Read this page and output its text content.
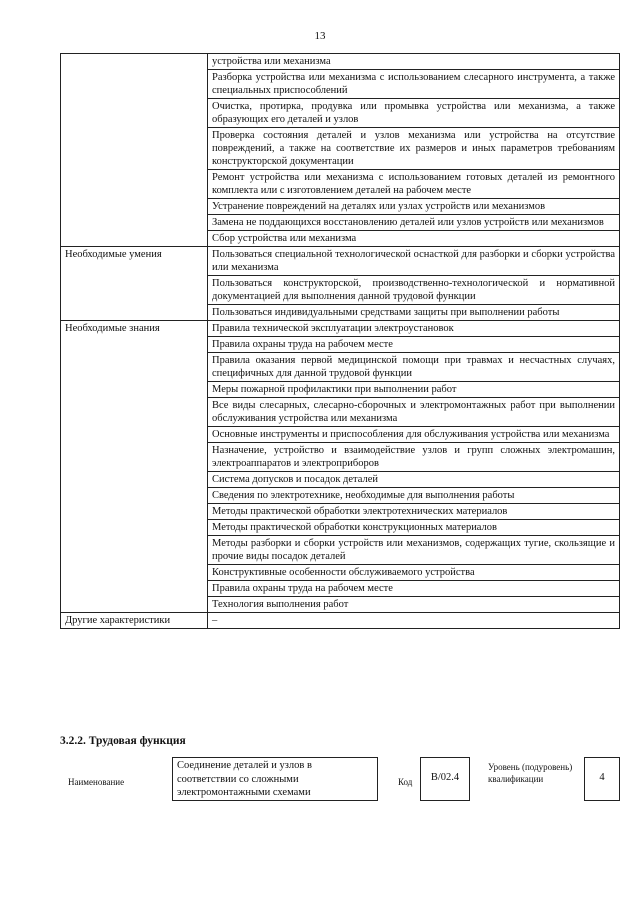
13
	устройства или механизма
	Разборка устройства или механизма с использованием слесарного инструмента, а также специальных приспособлений
	Очистка, протирка, продувка или промывка устройства или механизма, а также образующих его деталей и узлов
	Проверка состояния деталей и узлов механизма или устройства на отсутствие повреждений, а также на соответствие их размеров и иных параметров требованиям конструкторской документации
	Ремонт устройства или механизма с использованием готовых деталей из ремонтного комплекта или с изготовлением деталей на рабочем месте
	Устранение повреждений на деталях или узлах устройств или механизмов
	Замена не поддающихся восстановлению деталей или узлов устройств или механизмов
	Сбор устройства или механизма
Необходимые умения	Пользоваться специальной технологической оснасткой для разборки и сборки устройства или механизма
	Пользоваться конструкторской, производственно-технологической и нормативной документацией для выполнения данной трудовой функции
	Пользоваться индивидуальными средствами защиты при выполнении работы
Необходимые знания	Правила технической эксплуатации электроустановок
	Правила охраны труда на рабочем месте
	Правила оказания первой медицинской помощи при травмах и несчастных случаях, специфичных для данной трудовой функции
	Меры пожарной профилактики при выполнении работ
	Все виды слесарных, слесарно-сборочных и электромонтажных работ при выполнении обслуживания устройства или механизма
	Основные инструменты и приспособления для обслуживания устройства или механизма
	Назначение, устройство и взаимодействие узлов и групп сложных электромашин, электроаппаратов и электроприборов
	Система допусков и посадок деталей
	Сведения по электротехнике, необходимые для выполнения работы
	Методы практической обработки электротехнических материалов
	Методы практической обработки конструкционных материалов
	Методы разборки и сборки устройств или механизмов, содержащих тугие, скользящие и прочие виды посадок деталей
	Конструктивные особенности обслуживаемого устройства
	Правила охраны труда на рабочем месте
	Технология выполнения работ
Другие характеристики	–
3.2.2. Трудовая функция
Наименование
Соединение деталей и узлов в соответствии со сложными электромонтажными схемами
Код	B/02.4
Уровень (подуровень) квалификации	4
